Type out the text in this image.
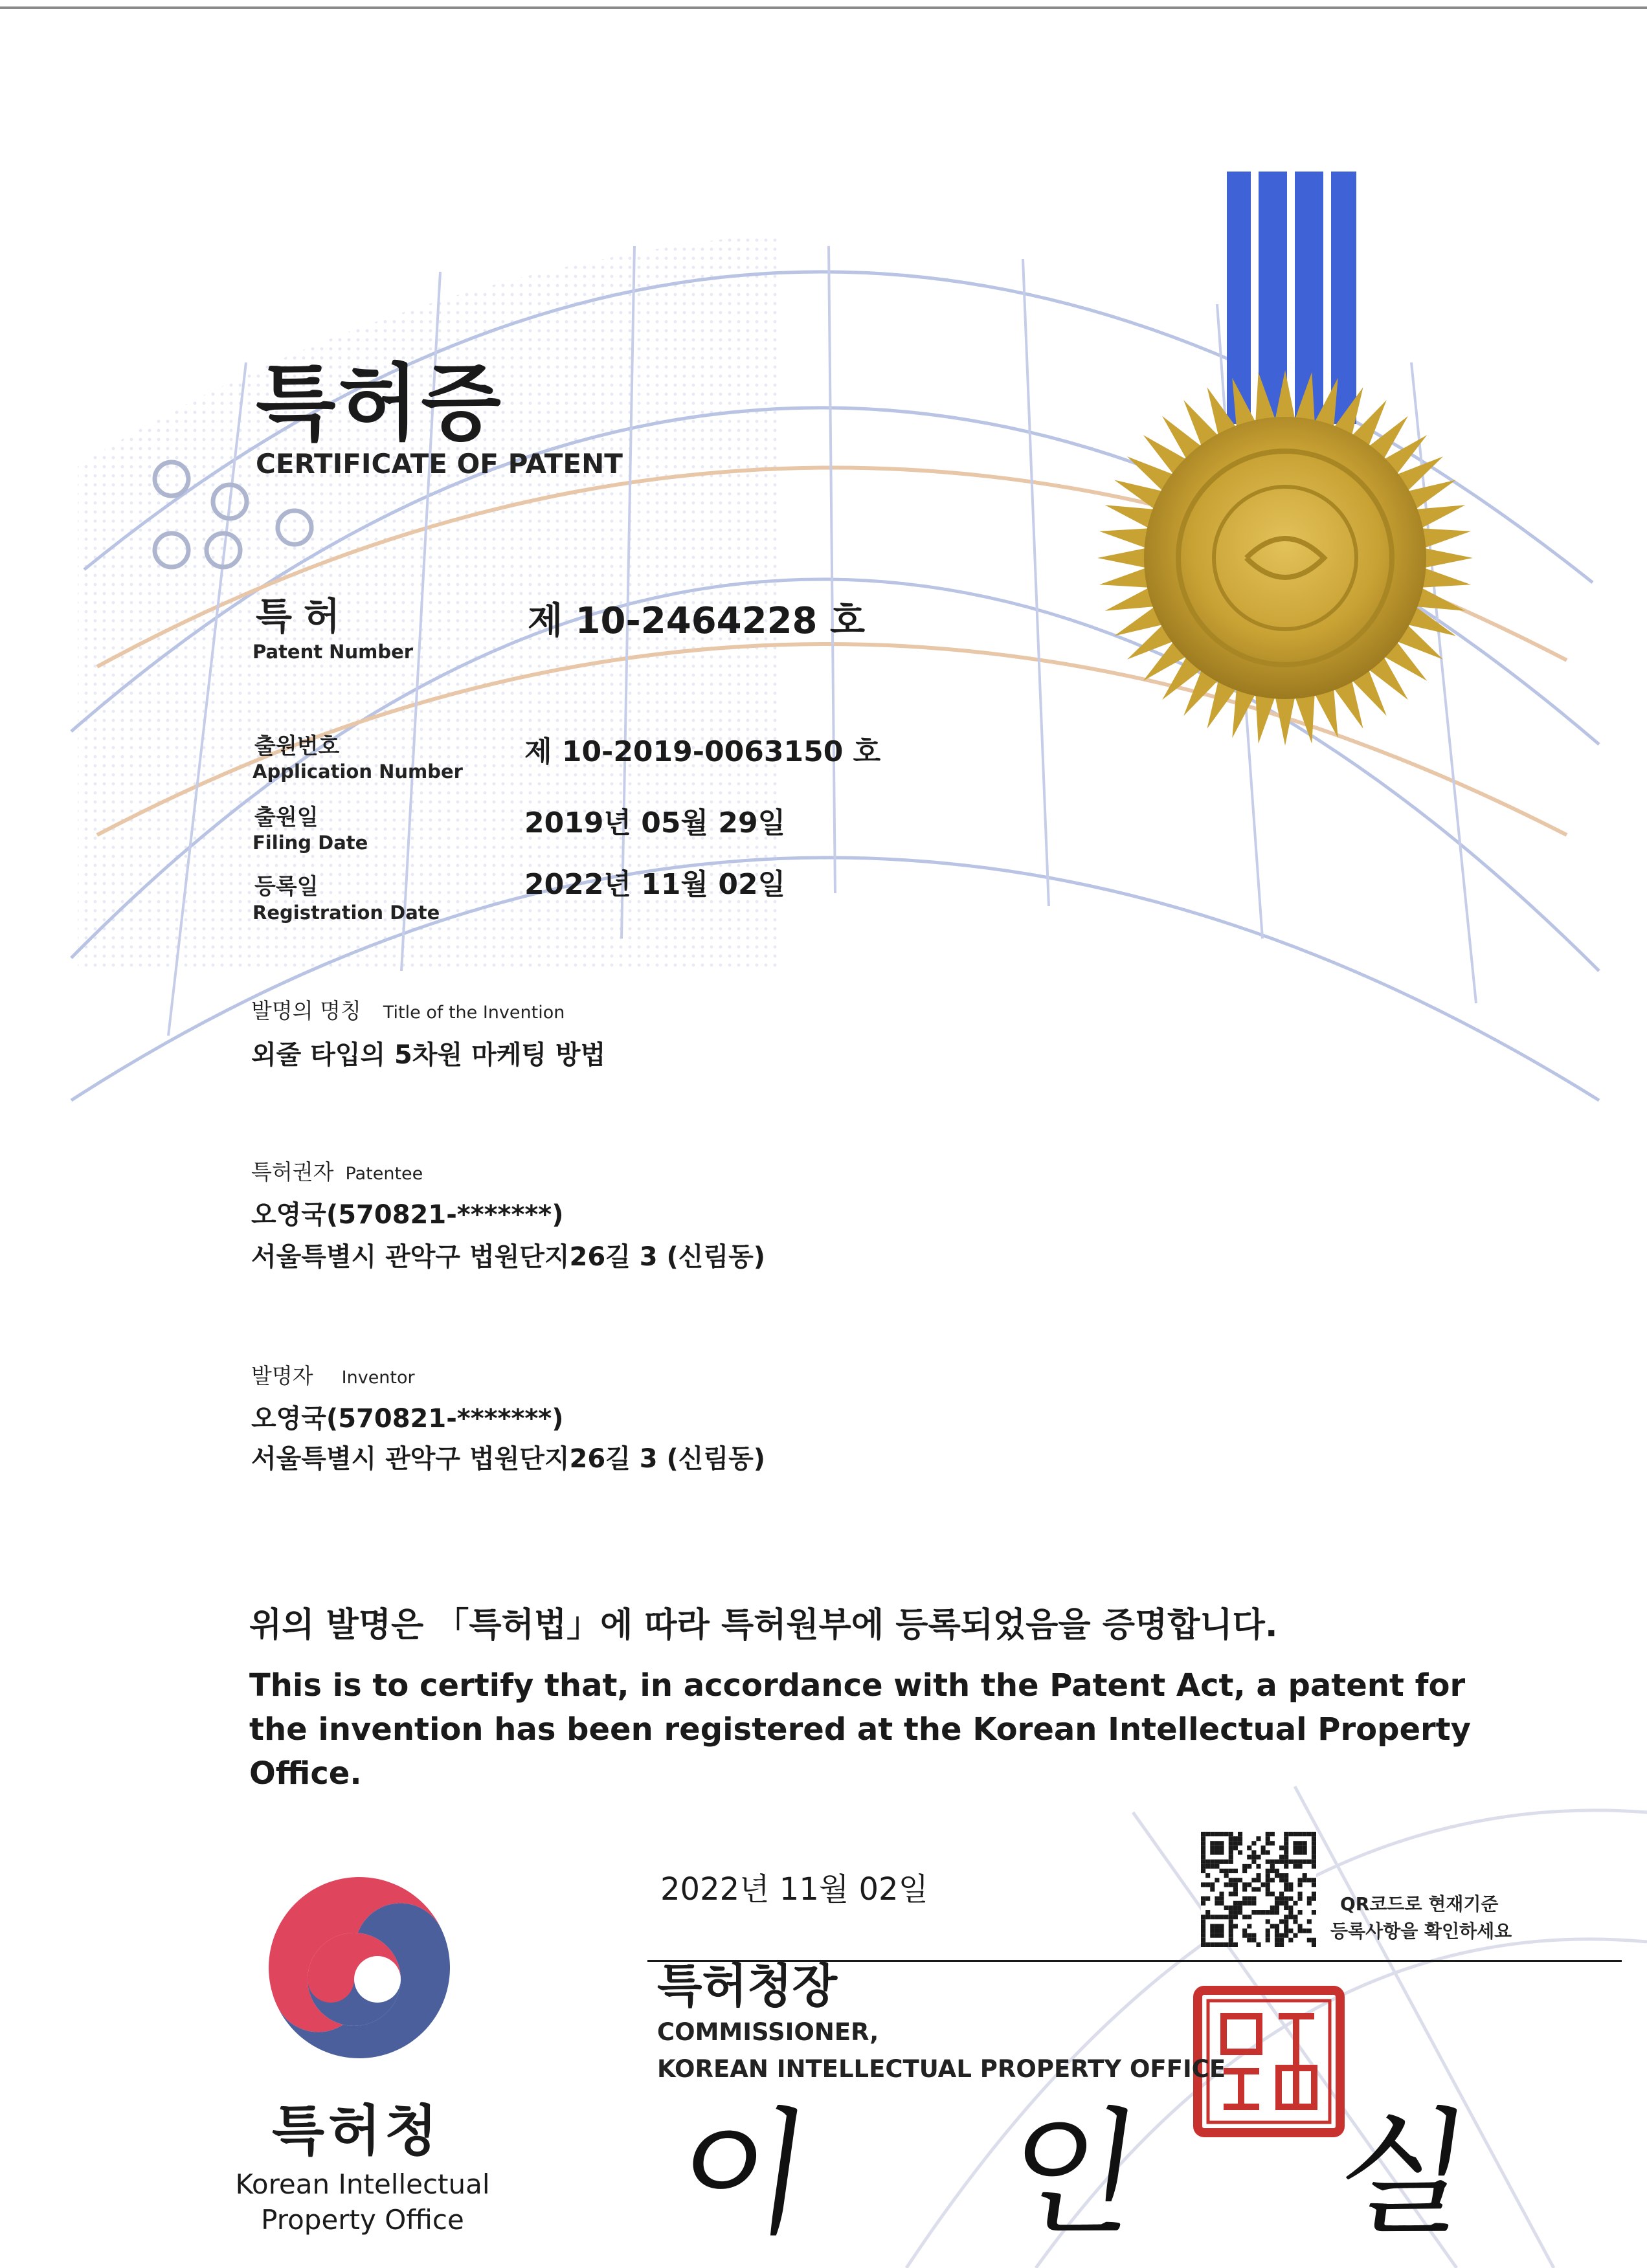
특허증
CERTIFICATE OF PATENT
특허
Patent Number
제 10-2464228 호
출원번호
Application Number
제 10-2019-0063150 호
출원일
Filing Date
2019년 05월 29일
등록일
Registration Date
2022년 11월 02일
발명의 명칭 Title of the Invention
외줄 타입의 5차원 마케팅 방법
특허권자 Patentee
오영국(570821-*******)
서울특별시 관악구 법원단지26길 3 (신림동)
발명자 Inventor
오영국(570821-*******)
서울특별시 관악구 법원단지26길 3 (신림동)
위의 발명은 「특허법」에 따라 특허원부에 등록되었음을 증명합니다.
This is to certify that, in accordance with the Patent Act, a patent for the invention has been registered at the Korean Intellectual Property Office.
2022년 11월 02일	QR코드로 현재기준
등록사항을 확인하세요
특허청장
COMMISSIONER,
KOREAN INTELLECTUAL PROPERTY OFFICE
이 인 실
특허청
Korean Intellectual
Property Office
